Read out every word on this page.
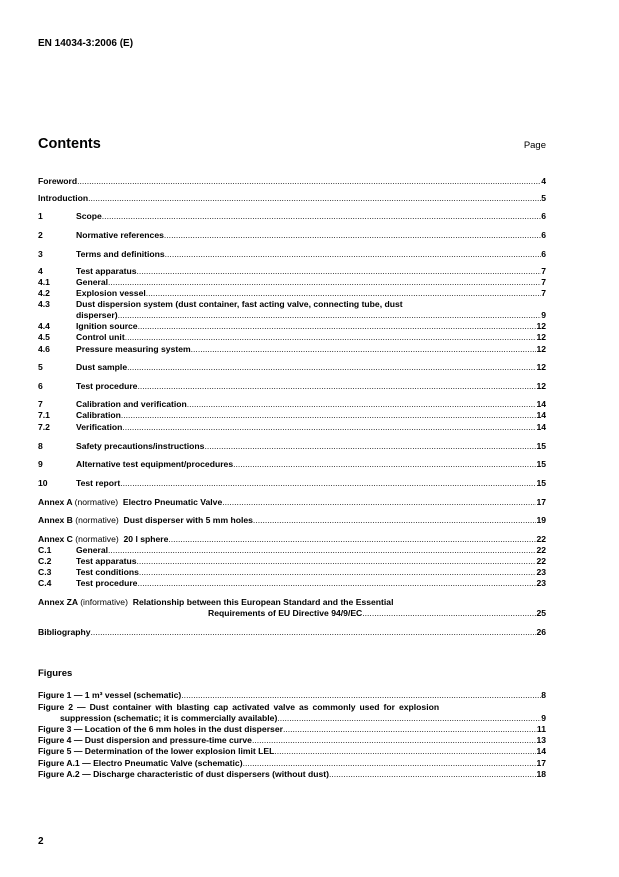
EN 14034-3:2006 (E)
Contents	Page
Foreword .....	4
Introduction .....	5
1	Scope .....	6
2	Normative references .....	6
3	Terms and definitions .....	6
4	Test apparatus .....	7
4.1	General .....	7
4.2	Explosion vessel .....	7
4.3	Dust dispersion system (dust container, fast acting valve, connecting tube, dust
disperser) .....	9
4.4	Ignition source .....	12
4.5	Control unit .....	12
4.6	Pressure measuring system .....	12
5	Dust sample .....	12
6	Test procedure .....	12
7	Calibration and verification .....	14
7.1	Calibration .....	14
7.2	Verification .....	14
8	Safety precautions/instructions .....	15
9	Alternative test equipment/procedures .....	15
10	Test report .....	15
Annex A (normative) Electro Pneumatic Valve .....	17
Annex B (normative) Dust disperser with 5 mm holes .....	19
Annex C (normative) 20 l sphere .....	22
C.1	General .....	22
C.2	Test apparatus .....	22
C.3	Test conditions .....	23
C.4	Test procedure .....	23
Annex ZA (informative) Relationship between this European Standard and the Essential
Requirements of EU Directive 94/9/EC .....	25
Bibliography .....	26
Figures
Figure 1 — 1 m³ vessel (schematic) .....	8
Figure 2 — Dust container with blasting cap activated valve as commonly used for explosion
suppression (schematic; it is commercially available) .....	9
Figure 3 — Location of the 6 mm holes in the dust disperser .....	11
Figure 4 — Dust dispersion and pressure-time curve .....	13
Figure 5 — Determination of the lower explosion limit LEL .....	14
Figure A.1 — Electro Pneumatic Valve (schematic) .....	17
Figure A.2 — Discharge characteristic of dust dispersers (without dust) .....	18
2
